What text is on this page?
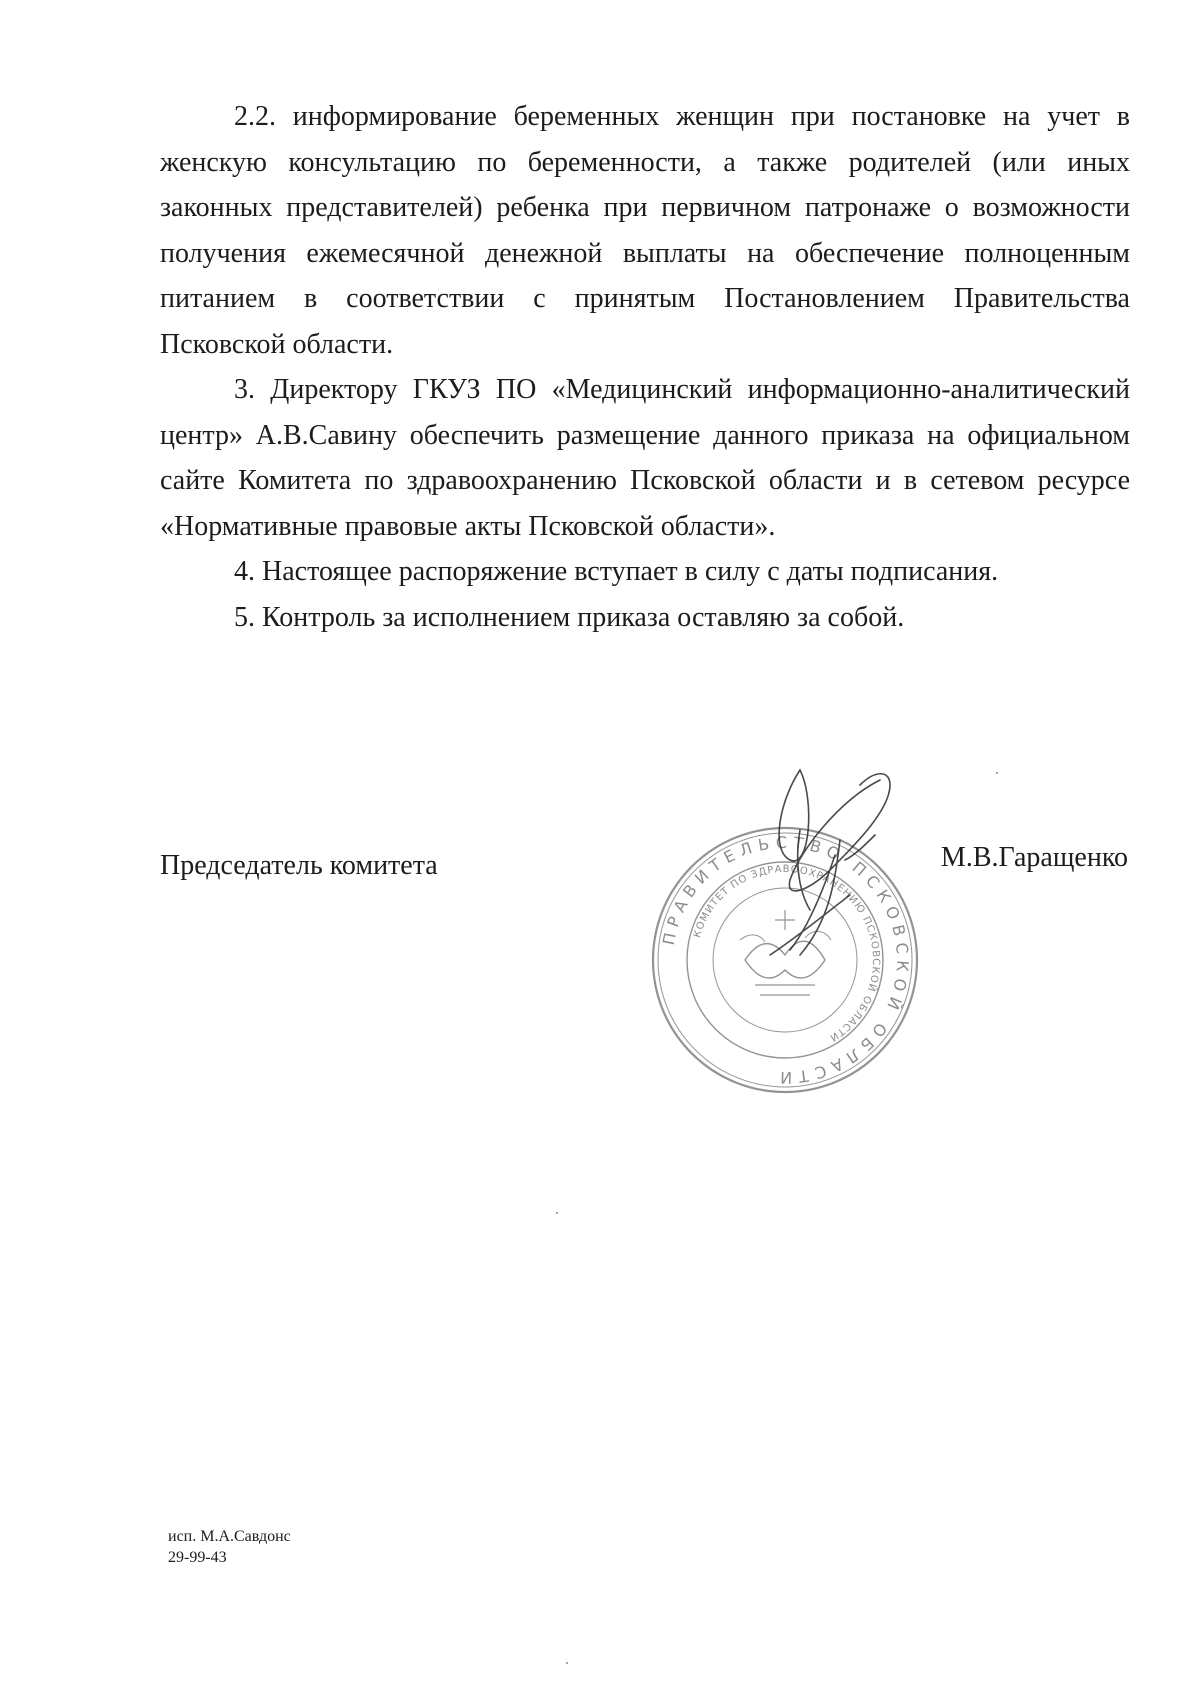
2.2. информирование беременных женщин при постановке на учет в женскую консультацию по беременности, а также родителей (или иных законных представителей) ребенка при первичном патронаже о возможности получения ежемесячной денежной выплаты на обеспечение полноценным питанием в соответствии с принятым Постановлением Правительства Псковской области.

3. Директору ГКУЗ ПО «Медицинский информационно-аналитический центр» А.В.Савину обеспечить размещение данного приказа на официальном сайте Комитета по здравоохранению Псковской области и в сетевом ресурсе «Нормативные правовые акты Псковской области».

4. Настоящее распоряжение вступает в силу с даты подписания.

5. Контроль за исполнением приказа оставляю за собой.

ПРАВИТЕЛЬСТВО ПСКОВСКОЙ ОБЛАСТИ
КОМИТЕТ ПО ЗДРАВООХРАНЕНИЮ ПСКОВСКОЙ ОБЛАСТИ
Председатель комитета	М.В.Гаращенко
исп. М.А.Савдонс
29-99-43
